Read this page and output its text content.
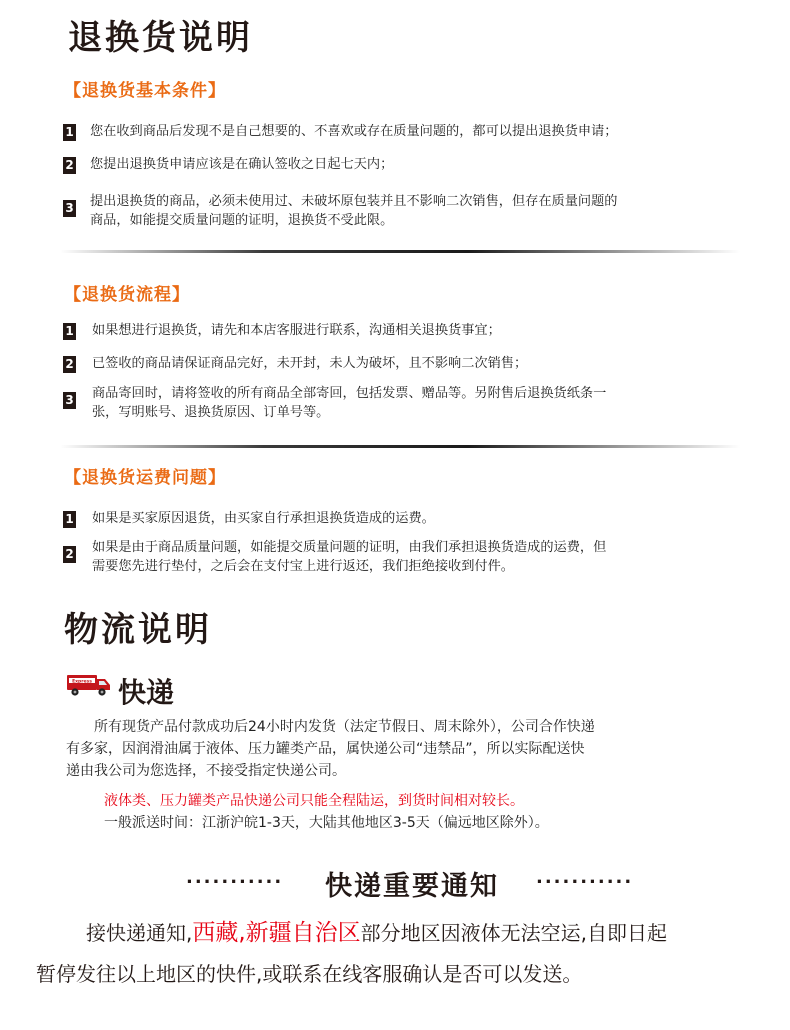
退换货说明
【退换货基本条件】
1 您在收到商品后发现不是自己想要的、不喜欢或存在质量问题的，都可以提出退换货申请；
2 您提出退换货申请应该是在确认签收之日起七天内；
3 提出退换货的商品，必须未使用过、未破坏原包装并且不影响二次销售，但存在质量问题的
商品，如能提交质量问题的证明，退换货不受此限。
【退换货流程】
1 如果想进行退换货，请先和本店客服进行联系，沟通相关退换货事宜；
2 已签收的商品请保证商品完好，未开封，未人为破坏，且不影响二次销售；
3 商品寄回时，请将签收的所有商品全部寄回，包括发票、赠品等。另附售后退换货纸条一
张，写明账号、退换货原因、订单号等。
【退换货运费问题】
1 如果是买家原因退货，由买家自行承担退换货造成的运费。
2 如果是由于商品质量问题，如能提交质量问题的证明，由我们承担退换货造成的运费，但
需要您先进行垫付，之后会在支付宝上进行返还，我们拒绝接收到付件。
物流说明
Express 快递
所有现货产品付款成功后24小时内发货（法定节假日、周末除外），公司合作快递
有多家，因润滑油属于液体、压力罐类产品，属快递公司“违禁品”，所以实际配送快
递由我公司为您选择，不接受指定快递公司。
液体类、压力罐类产品快递公司只能全程陆运，到货时间相对较长。
一般派送时间：江浙沪皖1-3天，大陆其他地区3-5天（偏远地区除外）。
........... 快递重要通知 ...........
接快递通知,西藏,新疆自治区部分地区因液体无法空运,自即日起
暂停发往以上地区的快件,或联系在线客服确认是否可以发送。
